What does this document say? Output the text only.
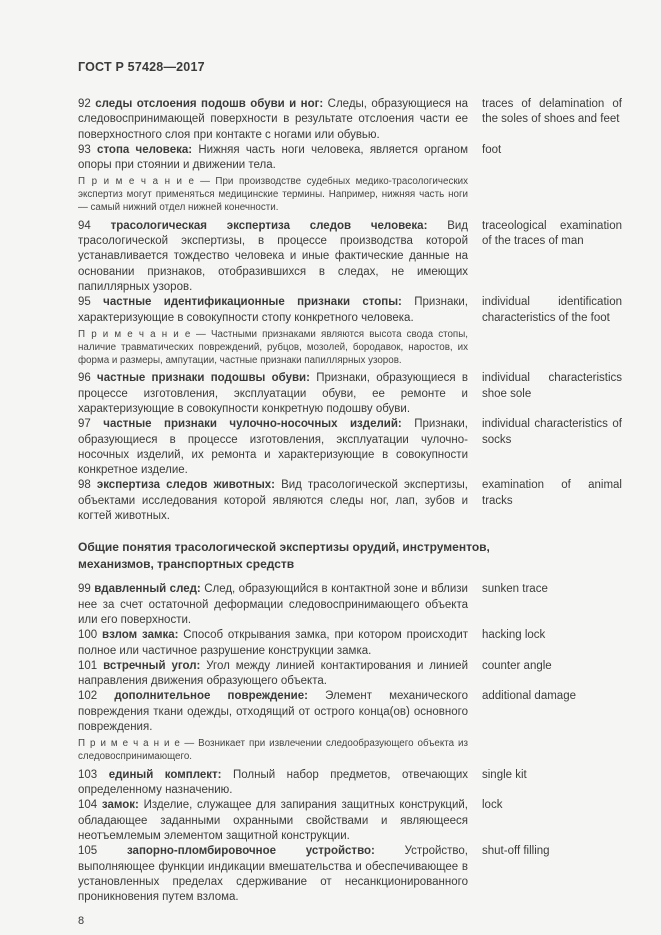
ГОСТ Р 57428—2017
92 следы отслоения подошв обуви и ног: Следы, образующиеся на следовоспринимающей поверхности в результате отслоения части ее поверхностного слоя при контакте с ногами или обувью.
traces of delamination of the soles of shoes and feet
93 стопа человека: Нижняя часть ноги человека, является органом опоры при стоянии и движении тела.
foot
П р и м е ч а н и е — При производстве судебных медико-трасологических экспертиз могут применяться медицинские термины. Например, нижняя часть ноги — самый нижний отдел нижней конечности.
94 трасологическая экспертиза следов человека: Вид трасологической экспертизы, в процессе производства которой устанавливается тождество человека и иные фактические данные на основании признаков, отобразившихся в следах, не имеющих папиллярных узоров.
traceological examination of the traces of man
95 частные идентификационные признаки стопы: Признаки, характеризующие в совокупности стопу конкретного человека.
individual identification characteristics of the foot
П р и м е ч а н и е — Частными признаками являются высота свода стопы, наличие травматических повреждений, рубцов, мозолей, бородавок, наростов, их форма и размеры, ампутации, частные признаки папиллярных узоров.
96 частные признаки подошвы обуви: Признаки, образующиеся в процессе изготовления, эксплуатации обуви, ее ремонте и характеризующие в совокупности конкретную подошву обуви.
individual characteristics shoe sole
97 частные признаки чулочно-носочных изделий: Признаки, образующиеся в процессе изготовления, эксплуатации чулочно-носочных изделий, их ремонта и характеризующие в совокупности конкретное изделие.
individual characteristics of socks
98 экспертиза следов животных: Вид трасологической экспертизы, объектами исследования которой являются следы ног, лап, зубов и когтей животных.
examination of animal tracks
Общие понятия трасологической экспертизы орудий, инструментов, механизмов, транспортных средств
99 вдавленный след: След, образующийся в контактной зоне и вблизи нее за счет остаточной деформации следовоспринимающего объекта или его поверхности.
sunken trace
100 взлом замка: Способ открывания замка, при котором происходит полное или частичное разрушение конструкции замка.
hacking lock
101 встречный угол: Угол между линией контактирования и линией направления движения образующего объекта.
counter angle
102 дополнительное повреждение: Элемент механического повреждения ткани одежды, отходящий от острого конца(ов) основного повреждения.
additional damage
П р и м е ч а н и е — Возникает при извлечении следообразующего объекта из следовоспринимающего.
103 единый комплект: Полный набор предметов, отвечающих определенному назначению.
single kit
104 замок: Изделие, служащее для запирания защитных конструкций, обладающее заданными охранными свойствами и являющееся неотъемлемым элементом защитной конструкции.
lock
105	запорно-пломбировочное устройство:	Устройство, выполняющее функции индикации вмешательства и обеспечивающее в установленных пределах сдерживание от несанкционированного проникновения путем взлома.
shut-off filling
8
